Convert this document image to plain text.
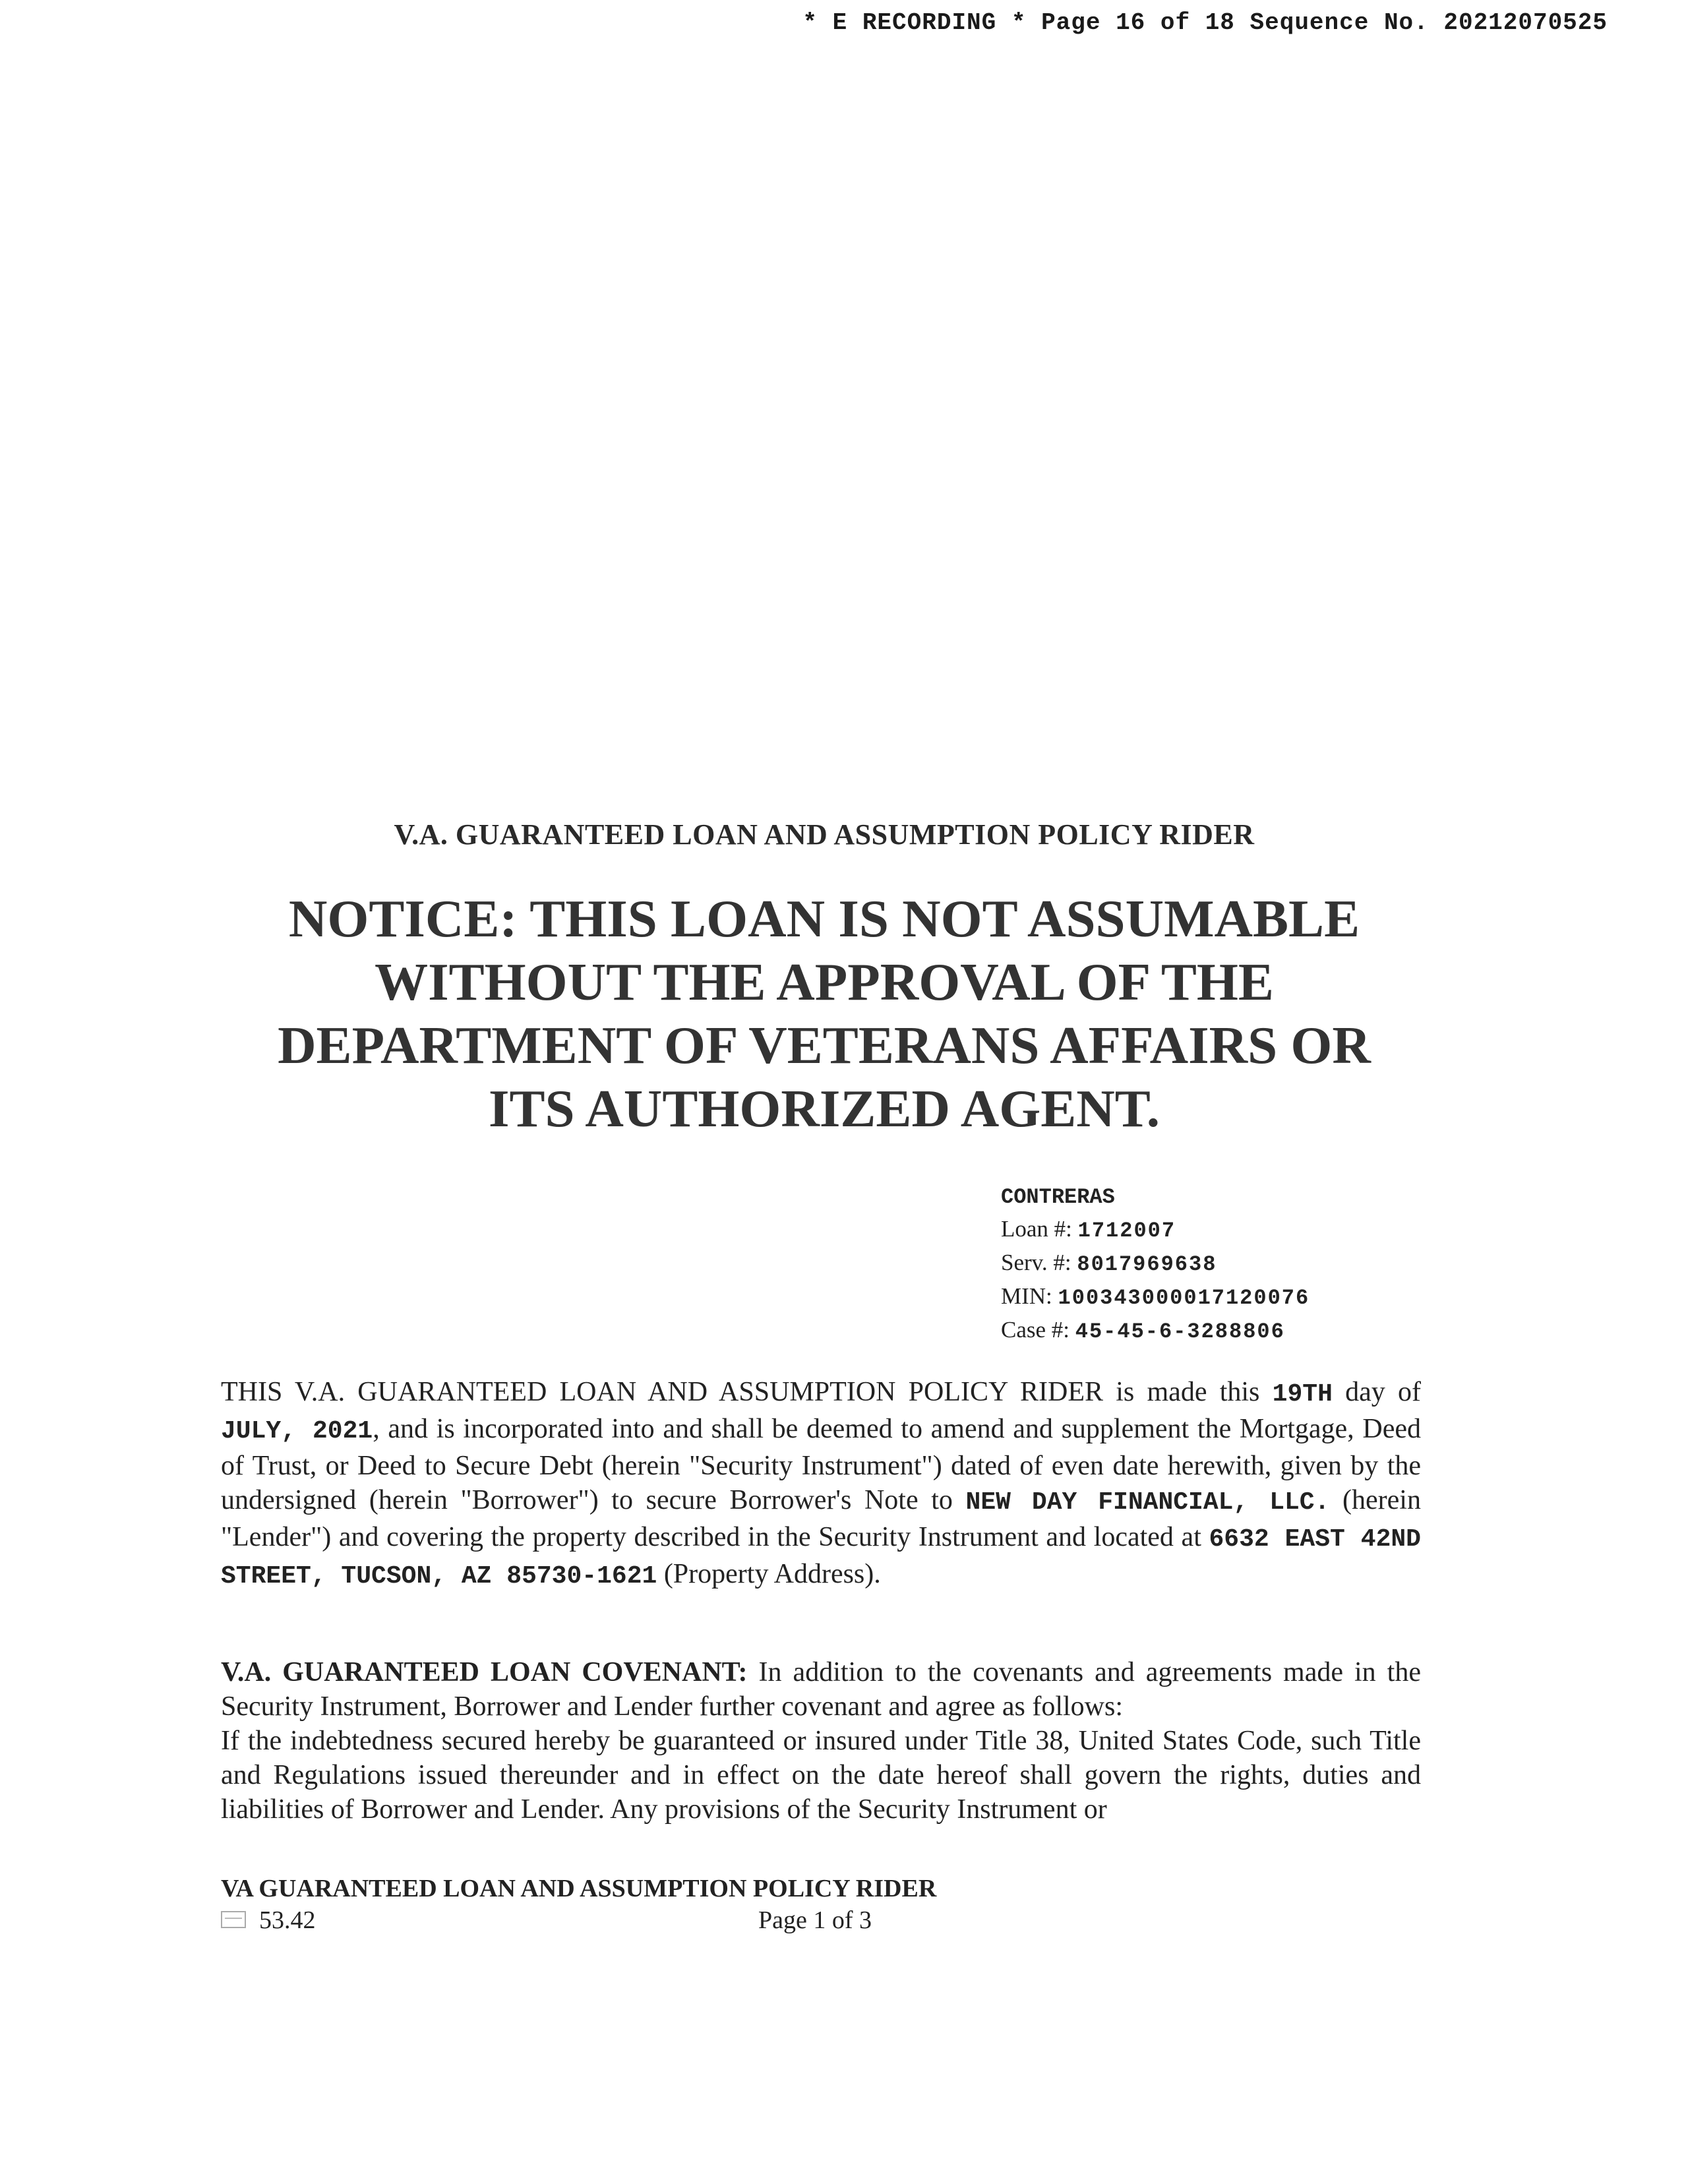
* E RECORDING * Page 16 of 18 Sequence No. 20212070525
V.A. GUARANTEED LOAN AND ASSUMPTION POLICY RIDER
NOTICE: THIS LOAN IS NOT ASSUMABLE
WITHOUT THE APPROVAL OF THE
DEPARTMENT OF VETERANS AFFAIRS OR
ITS AUTHORIZED AGENT.
CONTRERAS
Loan #: 1712007
Serv. #: 8017969638
MIN: 100343000017120076
Case #: 45-45-6-3288806
THIS V.A. GUARANTEED LOAN AND ASSUMPTION POLICY RIDER is made this 19TH day of JULY, 2021, and is incorporated into and shall be deemed to amend and supplement the Mortgage, Deed of Trust, or Deed to Secure Debt (herein "Security Instrument") dated of even date herewith, given by the undersigned (herein "Borrower") to secure Borrower's Note to NEW DAY FINANCIAL, LLC. (herein "Lender") and covering the property described in the Security Instrument and located at 6632 EAST 42ND STREET, TUCSON, AZ 85730-1621 (Property Address).
V.A. GUARANTEED LOAN COVENANT: In addition to the covenants and agreements made in the Security Instrument, Borrower and Lender further covenant and agree as follows:
If the indebtedness secured hereby be guaranteed or insured under Title 38, United States Code, such Title and Regulations issued thereunder and in effect on the date hereof shall govern the rights, duties and liabilities of Borrower and Lender. Any provisions of the Security Instrument or
VA GUARANTEED LOAN AND ASSUMPTION POLICY RIDER
53.42	Page 1 of 3
